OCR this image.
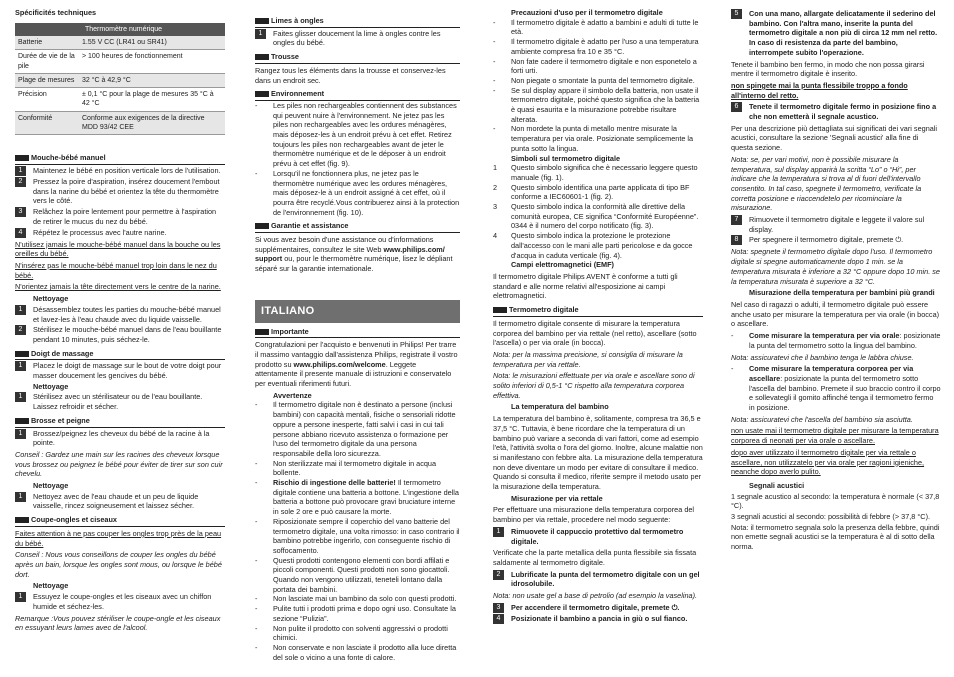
Spécificités techniques
Thermomètre numérique	
Batterie	1.55 V CC (LR41 ou SR41)
Durée de vie de la pile	> 100 heures de fonctionnement
Plage de mesures	32 °C à 42,9 °C
Précision	± 0,1 °C pour la plage de mesures 35 °C à 42 °C
Conformité	Conforme aux exigences de la directive MDD 93/42 CEE
Mouche-bébé manuel
1	Maintenez le bébé en position verticale lors de l'utilisation.
2	Pressez la poire d'aspiration, insérez doucement l'embout dans la narine du bébé et orientez la tête du thermomètre vers le côté.
3	Relâchez la poire lentement pour permettre à l'aspiration de retirer le mucus du nez du bébé.
4	Répétez le processus avec l'autre narine.

N'utilisez jamais le mouche-bébé manuel dans la bouche ou les oreilles du bébé.

N'insérez pas le mouche-bébé manuel trop loin dans le nez du bébé.

N'orientez jamais la tête directement vers le centre de la narine.

Nettoyage
1	Désassemblez toutes les parties du mouche-bébé manuel et lavez-les à l'eau chaude avec du liquide vaisselle.
2	Stérilisez le mouche-bébé manuel dans de l'eau bouillante pendant 10 minutes, puis séchez-le.
Doigt de massage
1	Placez le doigt de massage sur le bout de votre doigt pour masser doucement les gencives du bébé.
Nettoyage
1	Stérilisez avec un stérilisateur ou de l'eau bouillante. Laissez refroidir et sécher.
Brosse et peigne
1	Brossez/peignez les cheveux du bébé de la racine à la pointe.

Conseil : Gardez une main sur les racines des cheveux lorsque vous brossez ou peignez le bébé pour éviter de tirer sur son cuir chevelu.

Nettoyage
1	Nettoyez avec de l'eau chaude et un peu de liquide vaisselle, rincez soigneusement et laissez sécher.
Coupe-ongles et ciseaux

Faites attention à ne pas couper les ongles trop près de la peau du bébé.

Conseil : Nous vous conseillons de couper les ongles du bébé après un bain, lorsque les ongles sont mous, ou lorsque le bébé dort.

Nettoyage
1	Essuyez le coupe-ongles et les ciseaux avec un chiffon humide et séchez-les.

Remarque :Vous pouvez stériliser le coupe-ongle et les ciseaux en essuyant leurs lames avec de l'alcool.

Limes à ongles
1	Faites glisser doucement la lime à ongles contre les ongles du bébé.
Trousse

Rangez tous les éléments dans la trousse et conservez-les dans un endroit sec.

Environnement
-	Les piles non rechargeables contiennent des substances qui peuvent nuire à l'environnement. Ne jetez pas les piles non rechargeables avec les ordures ménagères, mais déposez-les à un endroit prévu à cet effet. Retirez toujours les piles non rechargeables avant de jeter le thermomètre numérique et de le déposer à un endroit prévu à cet effet (fig. 9).
-	Lorsqu'il ne fonctionnera plus, ne jetez pas le thermomètre numérique avec les ordures ménagères, mais déposez-le à un endroit assigné à cet effet, où il pourra être recyclé.Vous contribuerez ainsi à la protection de l'environnement (fig. 10).
Garantie et assistance

Si vous avez besoin d'une assistance ou d'informations supplémentaires, consultez le site Web www.philips.com/ support ou, pour le thermomètre numérique, lisez le dépliant séparé sur la garantie internationale.

ITALIANO
Importante

Congratulazioni per l'acquisto e benvenuti in Philips! Per trarre il massimo vantaggio dall'assistenza Philips, registrate il vostro prodotto su www.philips.com/welcome. Leggete attentamente il presente manuale di istruzioni e conservatelo per eventuali riferimenti futuri.

Avvertenze
-	Il termometro digitale non è destinato a persone (inclusi bambini) con capacità mentali, fisiche o sensoriali ridotte oppure a persone inesperte, fatti salvi i casi in cui tali persone abbiano ricevuto assistenza o formazione per l'uso del termometro digitale da una persona responsabile della loro sicurezza.
-	Non sterilizzate mai il termometro digitale in acqua bollente.
-	Rischio di ingestione delle batterie! Il termometro digitale contiene una batteria a bottone. L'ingestione della batteria a bottone può provocare gravi bruciature interne in sole 2 ore e può causare la morte.
-	Riposizionate sempre il coperchio del vano batterie del termometro digitale, una volta rimosso: in caso contrario il bambino potrebbe ingerirlo, con conseguente rischio di soffocamento.
-	Questi prodotti contengono elementi con bordi affilati e piccoli componenti. Questi prodotti non sono giocattoli. Quando non vengono utilizzati, teneteli lontano dalla portata dei bambini.
-	Non lasciate mai un bambino da solo con questi prodotti.
-	Pulite tutti i prodotti prima e dopo ogni uso. Consultate la sezione “Pulizia”.
-	Non pulite il prodotto con solventi aggressivi o prodotti chimici.
-	Non conservate e non lasciate il prodotto alla luce diretta del sole o vicino a una fonte di calore.
Precauzioni d'uso per il termometro digitale
-	Il termometro digitale è adatto a bambini e adulti di tutte le età.
-	Il termometro digitale è adatto per l'uso a una temperatura ambiente compresa fra 10 e 35 °C.
-	Non fate cadere il termometro digitale e non esponetelo a forti urti.
-	Non piegate o smontate la punta del termometro digitale.
-	Se sul display appare il simbolo della batteria, non usate il termometro digitale, poiché questo significa che la batteria è quasi esaurita e la misurazione potrebbe risultare alterata.
-	Non mordete la punta di metallo mentre misurate la temperatura per via orale. Posizionate semplicemente la punta sotto la lingua.
Simboli sul termometro digitale
1	Questo simbolo significa che è necessario leggere questo manuale (fig. 1).
2	Questo simbolo identifica una parte applicata di tipo BF conforme a IEC60601-1 (fig. 2).
3	Questo simbolo indica la conformità alle direttive della comunità europea, CE significa “Conformité Européenne”. 0344 è il numero del corpo notificato (fig. 3).
4	Questo simbolo indica la protezione le protezione dall'accesso con le mani alle parti pericolose e da gocce d'acqua in caduta verticale (fig. 4).
Campi elettromagnetici (EMF)

Il termometro digitale Philips AVENT è conforme a tutti gli standard e alle norme relativi all'esposizione ai campi elettromagnetici.

Termometro digitale

Il termometro digitale consente di misurare la temperatura corporea del bambino per via rettale (nel retto), ascellare (sotto l'ascella) o per via orale (in bocca).

Nota: per la massima precisione, si consiglia di misurare la temperatura per via rettale.

Nota: le misurazioni effettuate per via orale e ascellare sono di solito inferiori di 0,5-1 °C rispetto alla temperatura corporea effettiva.

La temperatura del bambino

La temperatura del bambino è, solitamente, compresa tra 36,5 e 37,5 °C. Tuttavia, è bene ricordare che la temperatura di un bambino può variare a seconda di vari fattori, come ad esempio l'età, l'attività svolta o l'ora del giorno. Inoltre, alcune malattie non si manifestano con febbre alta. La misurazione della temperatura non deve diventare un modo per evitare di consultare il medico. Quando si consulta il medico, riferite sempre il metodo usato per la misurazione della temperatura.

Misurazione per via rettale

Per effettuare una misurazione della temperatura corporea del bambino per via rettale, procedere nel modo seguente:

1	Rimuovete il cappuccio protettivo dal termometro digitale.

Verificate che la parte metallica della punta flessibile sia fissata saldamente al termometro digitale.

2	Lubrificate la punta del termometro digitale con un gel idrosolubile.

Nota: non usate gel a base di petrolio (ad esempio la vaselina).

3	Per accendere il termometro digitale, premete ⏻.
4	Posizionate il bambino a pancia in giù o sul fianco.
5	Con una mano, allargate delicatamente il sederino del bambino. Con l'altra mano, inserite la punta del termometro digitale a non più di circa 12 mm nel retto. In caso di resistenza da parte del bambino, interrompete subito l'operazione.

Tenete il bambino ben fermo, in modo che non possa girarsi mentre il termometro digitale è inserito.

non spingete mai la punta flessibile troppo a fondo all'interno del retto.

6	Tenete il termometro digitale fermo in posizione fino a che non emetterà il segnale acustico.

Per una descrizione più dettagliata sui significati dei vari segnali acustici, consultare la sezione 'Segnali acustici' alla fine di questa sezione.

Nota: se, per vari motivi, non è possibile misurare la temperatura, sul display apparirà la scritta “Lo” o “Hi”, per indicare che la temperatura si trova al di fuori dell'intervallo consentito. In tal caso, spegnete il termometro, verificate la corretta posizione e riaccendetelo per ricominciare la misurazione.

7	Rimuovete il termometro digitale e leggete il valore sul display.
8	Per spegnere il termometro digitale, premete ⏻.

Nota: spegnete il termometro digitale dopo l'uso. Il termometro digitale si spegne automaticamente dopo 1 min. se la temperatura misurata è inferiore a 32 °C oppure dopo 10 min. se la temperatura misurata è superiore a 32 °C.

Misurazione della temperatura per bambini più grandi

Nel caso di ragazzi o adulti, il termometro digitale può essere anche usato per misurare la temperatura per via orale (in bocca) o ascellare.

-	Come misurare la temperatura per via orale: posizionate la punta del termometro sotto la lingua del bambino.

Nota: assicuratevi che il bambino tenga le labbra chiuse.

-	Come misurare la temperatura corporea per via ascellare: posizionate la punta del termometro sotto l'ascella del bambino. Premete il suo braccio contro il corpo e sollevategli il gomito affinché tenga il termometro fermo in posizione.

Nota: assicuratevi che l'ascella del bambino sia asciutta.

non usate mai il termometro digitale per misurare la temperatura corporea di neonati per via orale o ascellare.

dopo aver utilizzato il termometro digitale per via rettale o ascellare, non utilizzatelo per via orale per ragioni igieniche, neanche dopo averlo pulito.

Segnali acustici

1 segnale acustico al secondo: la temperatura è normale (< 37,8 °C).

3 segnali acustici al secondo: possibilità di febbre (> 37,8 °C).

Nota: il termometro segnala solo la presenza della febbre, quindi non emette segnali acustici se la temperatura è al di sotto della norma.
